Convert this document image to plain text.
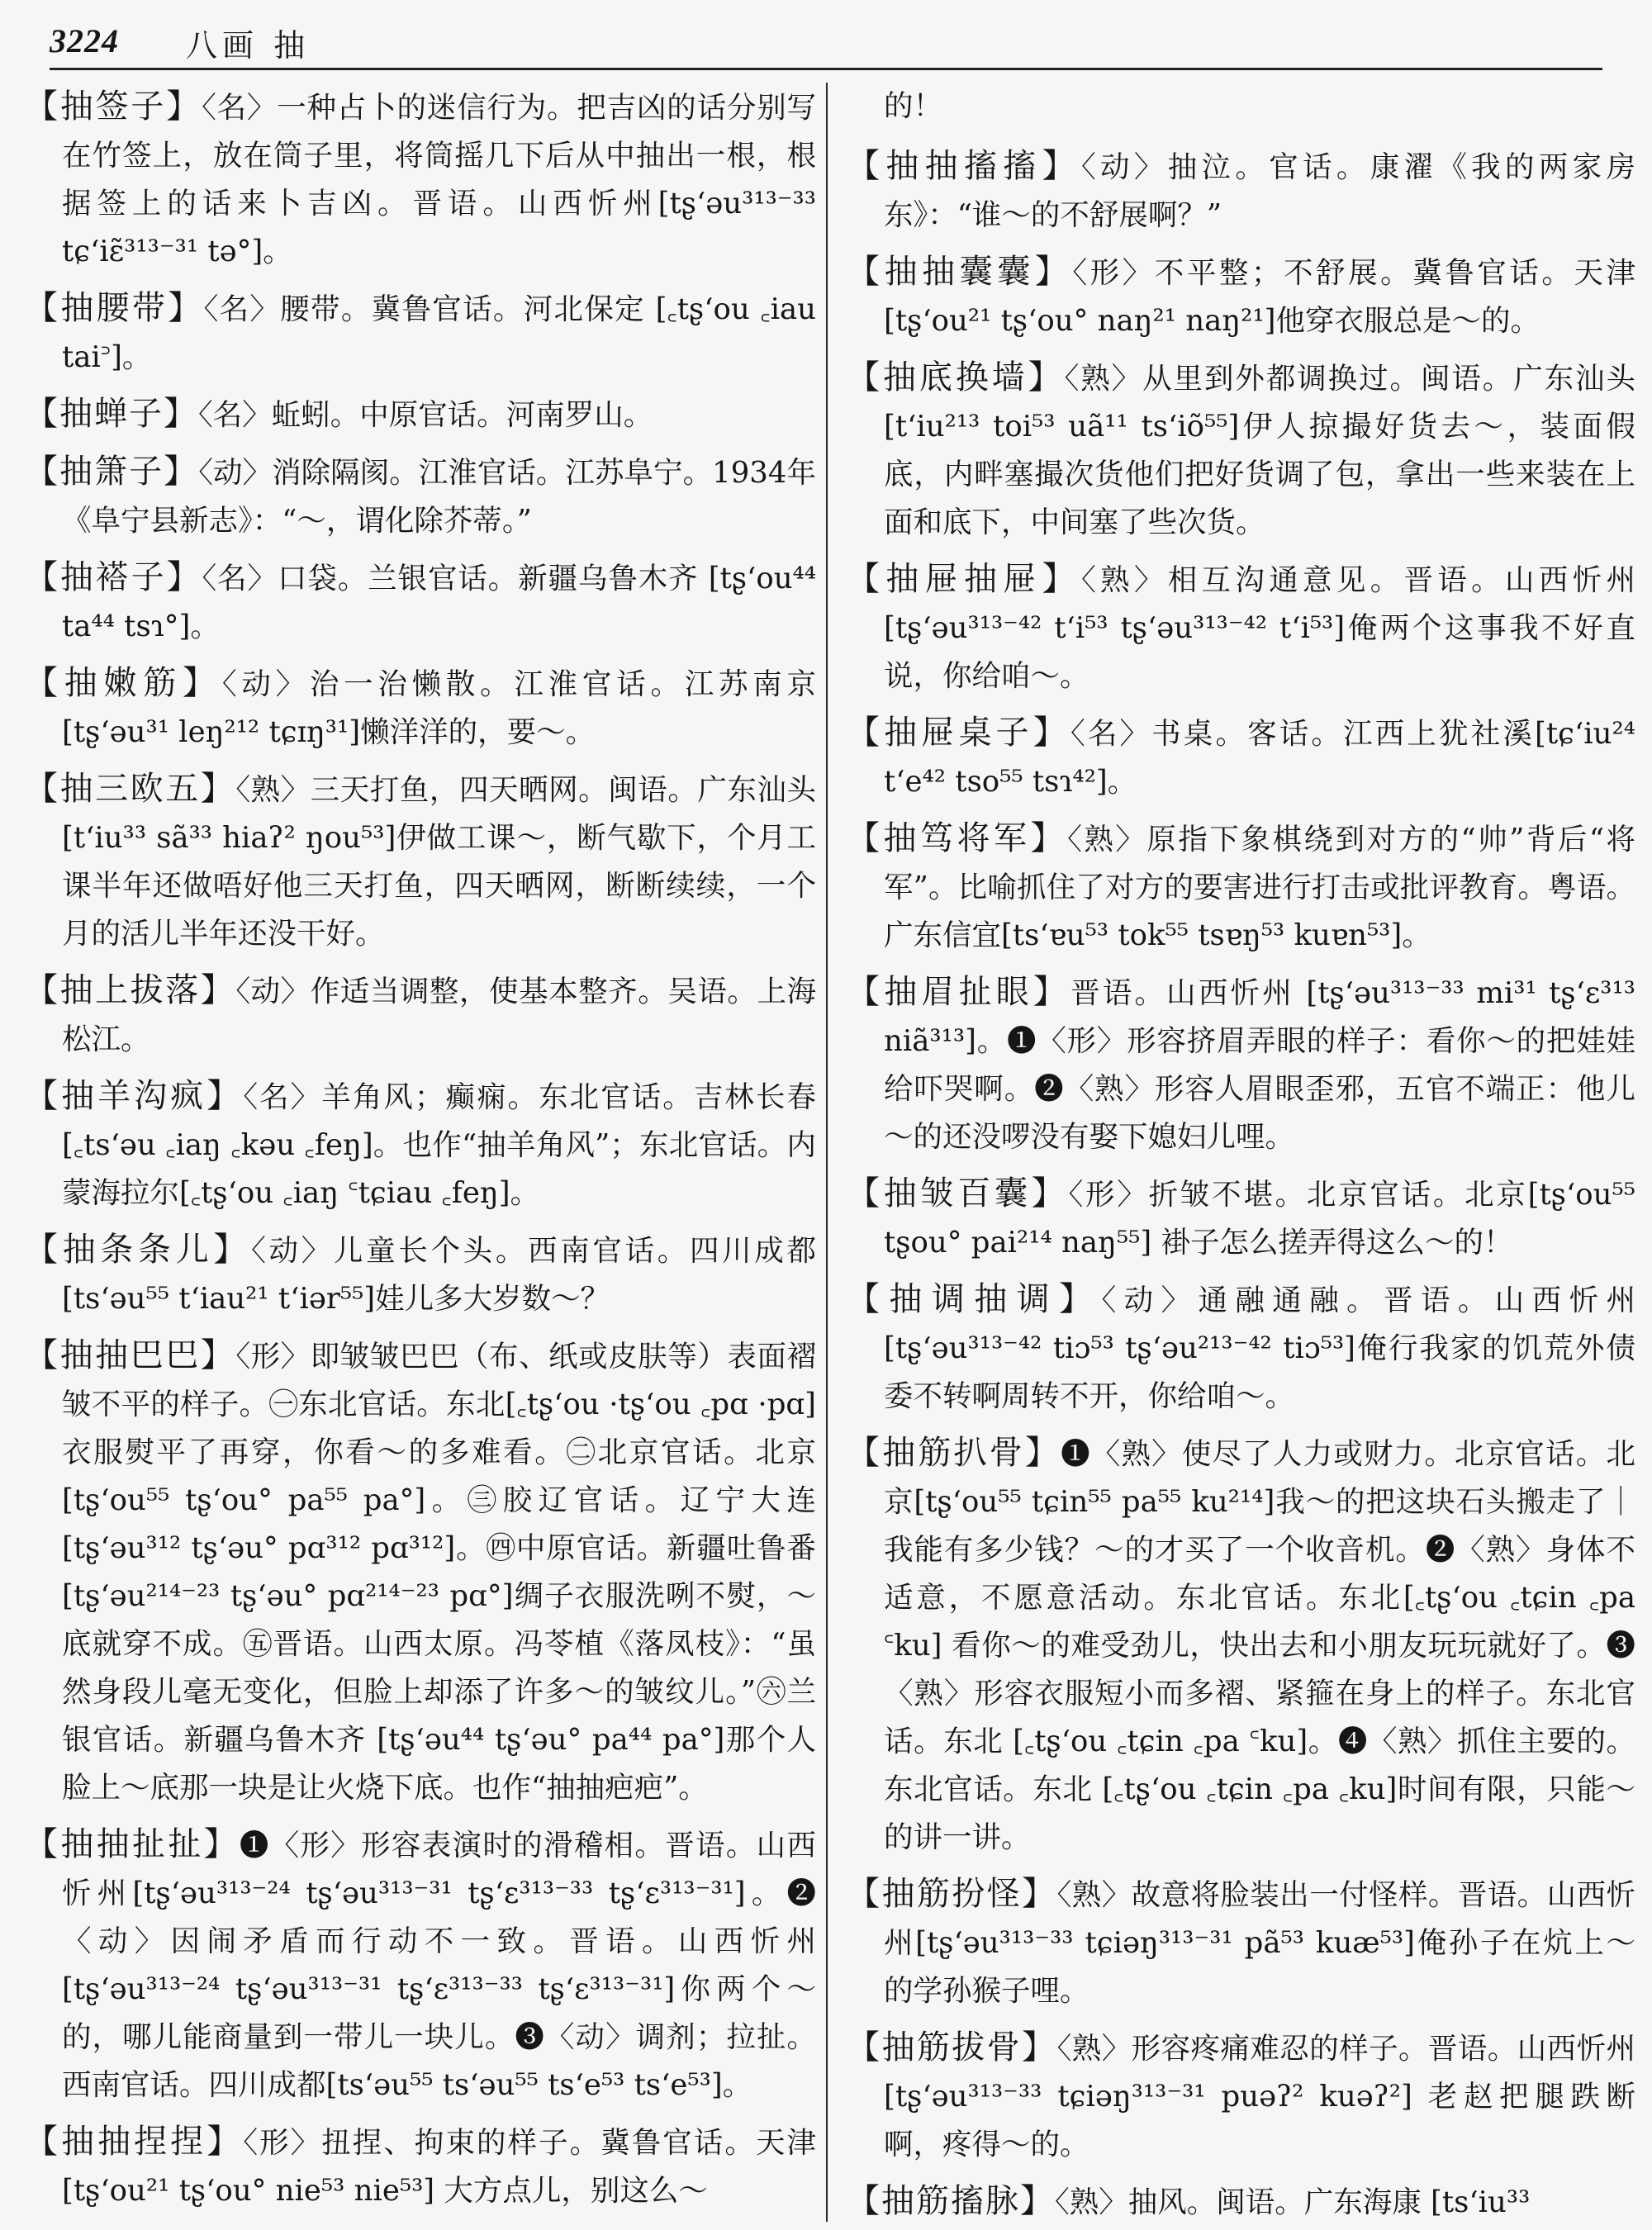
3224 八画 抽
【抽签子】〈名〉一种占卜的迷信行为。把吉凶的话分别写在竹签上，放在筒子里，将筒摇几下后从中抽出一根，根据签上的话来卜吉凶。晋语。山西忻州[tʂʻəu³¹³⁻³³ tɕʻiɛ̃³¹³⁻³¹ tə°]。
【抽腰带】〈名〉腰带。冀鲁官话。河北保定 [꜀tʂʻou ꜀iau tai꜄]。
【抽蝉子】〈名〉蚯蚓。中原官话。河南罗山。
【抽箫子】〈动〉消除隔阂。江淮官话。江苏阜宁。1934年《阜宁县新志》：“～，谓化除芥蒂。”
【抽褡子】〈名〉口袋。兰银官话。新疆乌鲁木齐 [tʂʻou⁴⁴ ta⁴⁴ tsɿ°]。
【抽嫩筋】〈动〉治一治懒散。江淮官话。江苏南京 [tʂʻəu³¹ leŋ²¹² tɕɪŋ³¹]懒洋洋的，要～。
【抽三欧五】〈熟〉三天打鱼，四天晒网。闽语。广东汕头[tʻiu³³ sã³³ hiaʔ² ŋou⁵³]伊做工课～，断气歇下，个月工课半年还做唔好他三天打鱼，四天晒网，断断续续，一个月的活儿半年还没干好。
【抽上拔落】〈动〉作适当调整，使基本整齐。吴语。上海松江。
【抽羊沟疯】〈名〉羊角风；癫痫。东北官话。吉林长春[꜀tsʻəu ꜀iaŋ ꜀kəu ꜀feŋ]。也作“抽羊角风”；东北官话。内蒙海拉尔[꜀tʂʻou ꜀iaŋ ꜂tɕiau ꜀feŋ]。
【抽条条儿】〈动〉儿童长个头。西南官话。四川成都[tsʻəu⁵⁵ tʻiau²¹ tʻiər⁵⁵]娃儿多大岁数～？
【抽抽巴巴】〈形〉即皱皱巴巴（布、纸或皮肤等）表面褶皱不平的样子。㊀东北官话。东北[꜀tʂʻou ·tʂʻou ꜀pɑ ·pɑ]衣服熨平了再穿，你看～的多难看。㊁北京官话。北京[tʂʻou⁵⁵ tʂʻou° pa⁵⁵ pa°]。㊂胶辽官话。辽宁大连[tʂʻəu³¹² tʂʻəu° pɑ³¹² pɑ³¹²]。㊃中原官话。新疆吐鲁番[tʂʻəu²¹⁴⁻²³ tʂʻəu° pɑ²¹⁴⁻²³ pɑ°]绸子衣服洗咧不熨，～底就穿不成。㊄晋语。山西太原。冯苓植《落凤枝》：“虽然身段儿毫无变化，但脸上却添了许多～的皱纹儿。”㊅兰银官话。新疆乌鲁木齐 [tʂʻəu⁴⁴ tʂʻəu° pa⁴⁴ pa°]那个人脸上～底那一块是让火烧下底。也作“抽抽疤疤”。
【抽抽扯扯】❶〈形〉形容表演时的滑稽相。晋语。山西忻州[tʂʻəu³¹³⁻²⁴ tʂʻəu³¹³⁻³¹ tʂʻɛ³¹³⁻³³ tʂʻɛ³¹³⁻³¹]。❷〈动〉因闹矛盾而行动不一致。晋语。山西忻州[tʂʻəu³¹³⁻²⁴ tʂʻəu³¹³⁻³¹ tʂʻɛ³¹³⁻³³ tʂʻɛ³¹³⁻³¹]你两个～的，哪儿能商量到一带儿一块儿。❸〈动〉调剂；拉扯。西南官话。四川成都[tsʻəu⁵⁵ tsʻəu⁵⁵ tsʻe⁵³ tsʻe⁵³]。
【抽抽捏捏】〈形〉扭捏、拘束的样子。冀鲁官话。天津[tʂʻou²¹ tʂʻou° nie⁵³ nie⁵³] 大方点儿，别这么～
的！
【抽抽搐搐】〈动〉抽泣。官话。康濯《我的两家房东》：“谁～的不舒展啊？”
【抽抽囊囊】〈形〉不平整；不舒展。冀鲁官话。天津[tʂʻou²¹ tʂʻou° naŋ²¹ naŋ²¹]他穿衣服总是～的。
【抽底换墙】〈熟〉从里到外都调换过。闽语。广东汕头[tʻiu²¹³ toi⁵³ uã¹¹ tsʻiõ⁵⁵]伊人掠撮好货去～，装面假底，内畔塞撮次货他们把好货调了包，拿出一些来装在上面和底下，中间塞了些次货。
【抽屉抽屉】〈熟〉相互沟通意见。晋语。山西忻州[tʂʻəu³¹³⁻⁴² tʻi⁵³ tʂʻəu³¹³⁻⁴² tʻi⁵³]俺两个这事我不好直说，你给咱～。
【抽屉桌子】〈名〉书桌。客话。江西上犹社溪[tɕʻiu²⁴ tʻe⁴² tso⁵⁵ tsɿ⁴²]。
【抽笃将军】〈熟〉原指下象棋绕到对方的“帅”背后“将军”。比喻抓住了对方的要害进行打击或批评教育。粤语。广东信宜[tsʻɐu⁵³ tok⁵⁵ tsɐŋ⁵³ kuɐn⁵³]。
【抽眉扯眼】晋语。山西忻州 [tʂʻəu³¹³⁻³³ mi³¹ tʂʻɛ³¹³ niã³¹³]。❶〈形〉形容挤眉弄眼的样子：看你～的把娃娃给吓哭啊。❷〈熟〉形容人眉眼歪邪，五官不端正：他儿～的还没啰没有娶下媳妇儿哩。
【抽皱百囊】〈形〉折皱不堪。北京官话。北京[tʂʻou⁵⁵ tʂou° pai²¹⁴ naŋ⁵⁵] 褂子怎么搓弄得这么～的！
【抽调抽调】〈动〉通融通融。晋语。山西忻州[tʂʻəu³¹³⁻⁴² tiɔ⁵³ tʂʻəu²¹³⁻⁴² tiɔ⁵³]俺行我家的饥荒外债委不转啊周转不开，你给咱～。
【抽筋扒骨】❶〈熟〉使尽了人力或财力。北京官话。北京[tʂʻou⁵⁵ tɕin⁵⁵ pa⁵⁵ ku²¹⁴]我～的把这块石头搬走了｜我能有多少钱？～的才买了一个收音机。❷〈熟〉身体不适意，不愿意活动。东北官话。东北[꜀tʂʻou ꜀tɕin ꜀pa ꜂ku] 看你～的难受劲儿，快出去和小朋友玩玩就好了。❸〈熟〉形容衣服短小而多褶、紧箍在身上的样子。东北官话。东北 [꜀tʂʻou ꜀tɕin ꜀pa ꜂ku]。❹〈熟〉抓住主要的。东北官话。东北 [꜀tʂʻou ꜀tɕin ꜀pa ꜀ku]时间有限，只能～的讲一讲。
【抽筋扮怪】〈熟〉故意将脸装出一付怪样。晋语。山西忻州[tʂʻəu³¹³⁻³³ tɕiəŋ³¹³⁻³¹ pã⁵³ kuæ⁵³]俺孙子在炕上～的学孙猴子哩。
【抽筋拔骨】〈熟〉形容疼痛难忍的样子。晋语。山西忻州[tʂʻəu³¹³⁻³³ tɕiəŋ³¹³⁻³¹ puəʔ² kuəʔ²] 老赵把腿跌断啊，疼得～的。
【抽筋搐脉】〈熟〉抽风。闽语。广东海康 [tsʻiu³³
